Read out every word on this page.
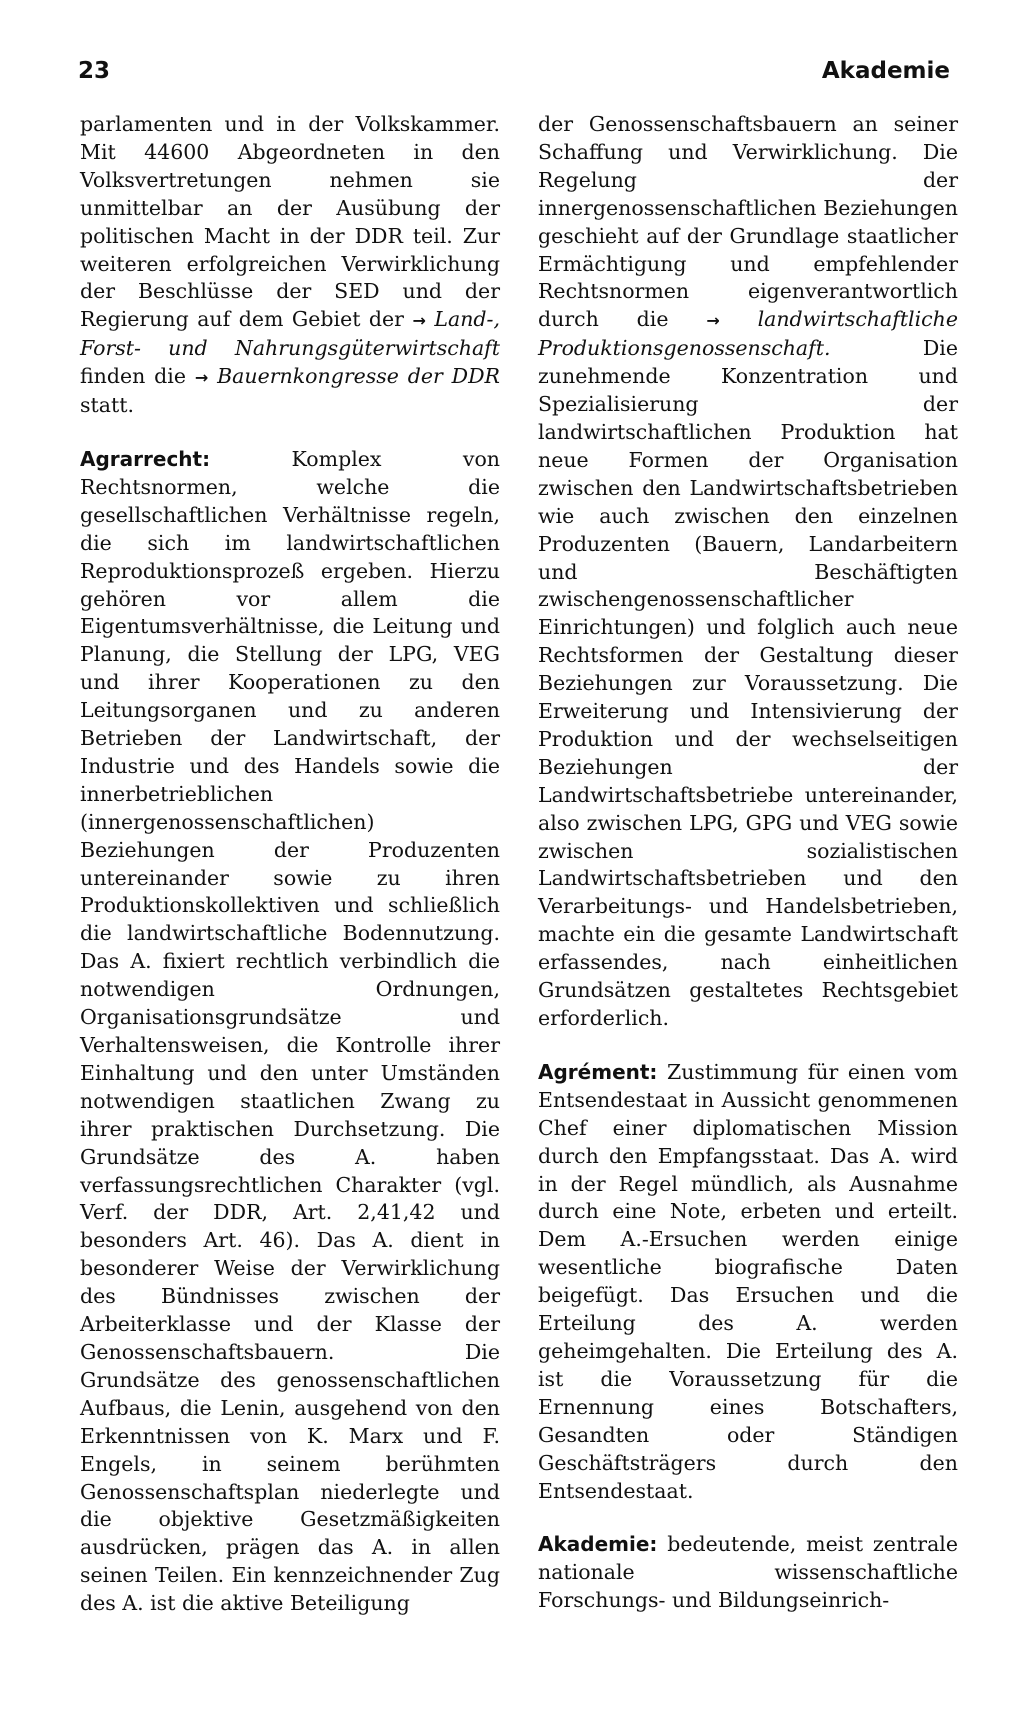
23	Akademie

parlamenten und in der Volkskammer. Mit 44600 Abgeordneten in den Volksvertretungen nehmen sie unmittelbar an der Ausübung der politischen Macht in der DDR teil. Zur weiteren erfolgreichen Verwirklichung der Beschlüsse der SED und der Regierung auf dem Gebiet der → Land-, Forst- und Nahrungsgüterwirtschaft finden die → Bauernkongresse der DDR statt.

Agrarrecht: Komplex von Rechtsnormen, welche die gesellschaftlichen Verhältnisse regeln, die sich im landwirtschaftlichen Reproduktionsprozeß ergeben. Hierzu gehören vor allem die Eigentumsverhältnisse, die Leitung und Planung, die Stellung der LPG, VEG und ihrer Kooperationen zu den Leitungsorganen und zu anderen Betrieben der Landwirtschaft, der Industrie und des Handels sowie die innerbetrieblichen (innergenossenschaftlichen) Beziehungen der Produzenten untereinander sowie zu ihren Produktionskollektiven und schließlich die landwirtschaftliche Bodennutzung. Das A. fixiert rechtlich verbindlich die notwendigen Ordnungen, Organisationsgrundsätze und Verhaltensweisen, die Kontrolle ihrer Einhaltung und den unter Umständen notwendigen staatlichen Zwang zu ihrer praktischen Durchsetzung. Die Grundsätze des A. haben verfassungsrechtlichen Charakter (vgl. Verf. der DDR, Art. 2,41,42 und besonders Art. 46). Das A. dient in besonderer Weise der Verwirklichung des Bündnisses zwischen der Arbeiterklasse und der Klasse der Genossenschaftsbauern. Die Grundsätze des genossenschaftlichen Aufbaus, die Lenin, ausgehend von den Erkenntnissen von K. Marx und F. Engels, in seinem berühmten Genossenschaftsplan niederlegte und die objektive Gesetzmäßigkeiten ausdrücken, prägen das A. in allen seinen Teilen. Ein kennzeichnender Zug des A. ist die aktive Beteiligung

der Genossenschaftsbauern an seiner Schaffung und Verwirklichung. Die Regelung der innergenossenschaftlichen Beziehungen geschieht auf der Grundlage staatlicher Ermächtigung und empfehlender Rechtsnormen eigenverantwortlich durch die → landwirtschaftliche Produktionsgenossenschaft. Die zunehmende Konzentration und Spezialisierung der landwirtschaftlichen Produktion hat neue Formen der Organisation zwischen den Landwirtschaftsbetrieben wie auch zwischen den einzelnen Produzenten (Bauern, Landarbeitern und Beschäftigten zwischengenossenschaftlicher Einrichtungen) und folglich auch neue Rechtsformen der Gestaltung dieser Beziehungen zur Voraussetzung. Die Erweiterung und Intensivierung der Produktion und der wechselseitigen Beziehungen der Landwirtschaftsbetriebe untereinander, also zwischen LPG, GPG und VEG sowie zwischen sozialistischen Landwirtschaftsbetrieben und den Verarbeitungs- und Handelsbetrieben, machte ein die gesamte Landwirtschaft erfassendes, nach einheitlichen Grundsätzen gestaltetes Rechtsgebiet erforderlich.

Agrément: Zustimmung für einen vom Entsendestaat in Aussicht genommenen Chef einer diplomatischen Mission durch den Empfangsstaat. Das A. wird in der Regel mündlich, als Ausnahme durch eine Note, erbeten und erteilt. Dem A.-Ersuchen werden einige wesentliche biografische Daten beigefügt. Das Ersuchen und die Erteilung des A. werden geheimgehalten. Die Erteilung des A. ist die Voraussetzung für die Ernennung eines Botschafters, Gesandten oder Ständigen Geschäftsträgers durch den Entsendestaat.

Akademie: bedeutende, meist zentrale nationale wissenschaftliche Forschungs- und Bildungseinrich-
